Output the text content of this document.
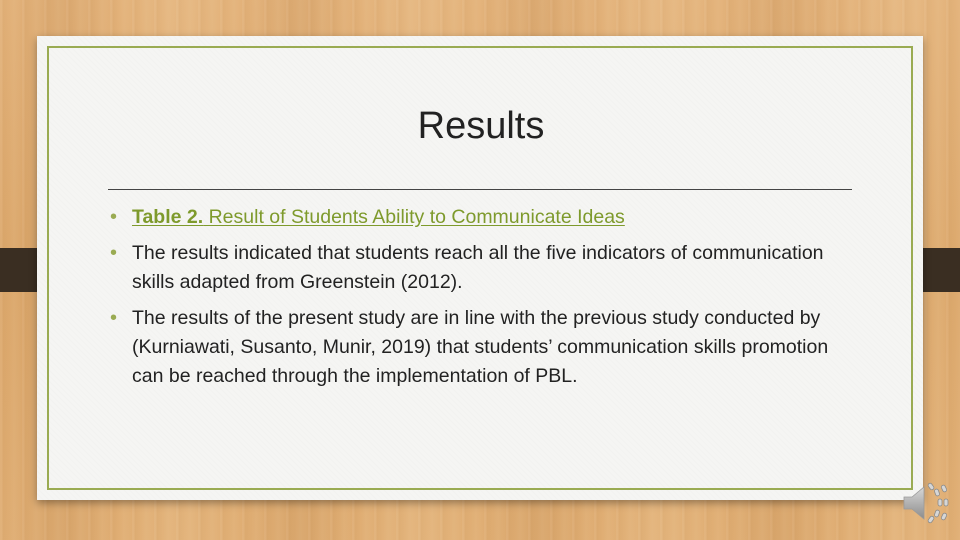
Results
• Table 2. Result of Students Ability to Communicate Ideas
• The results indicated that students reach all the five indicators of communication skills adapted from Greenstein (2012).
• The results of the present study are in line with the previous study conducted by (Kurniawati, Susanto, Munir, 2019) that students’ communication skills promotion can be reached through the implementation of PBL.
